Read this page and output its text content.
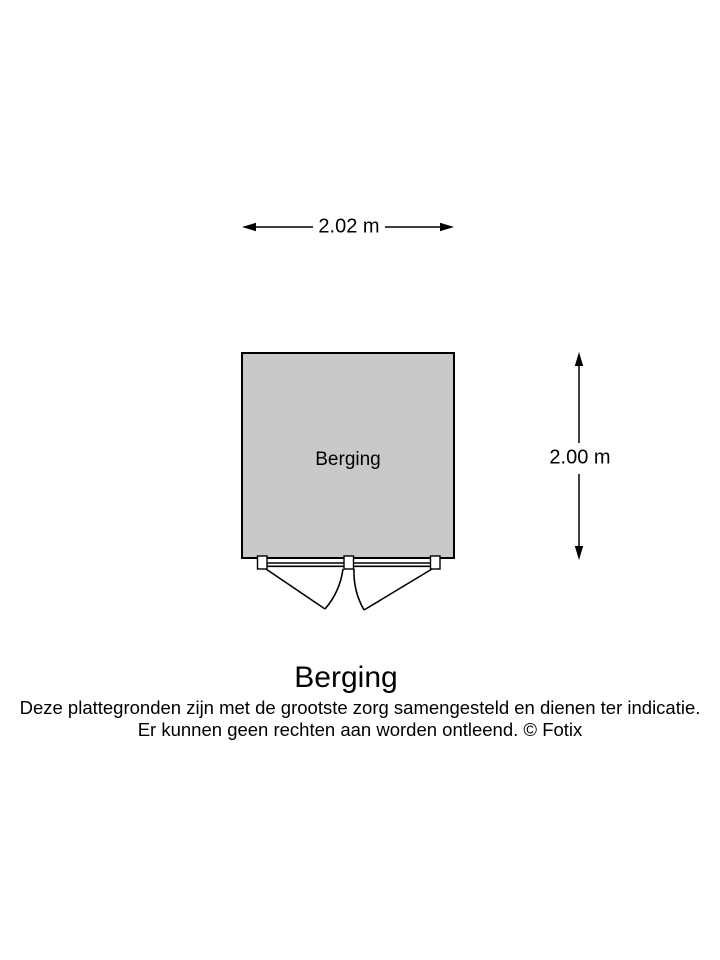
2.02 m
2.00 m
Berging
Berging
Deze plattegronden zijn met de grootste zorg samengesteld en dienen ter indicatie.
Er kunnen geen rechten aan worden ontleend. © Fotix
